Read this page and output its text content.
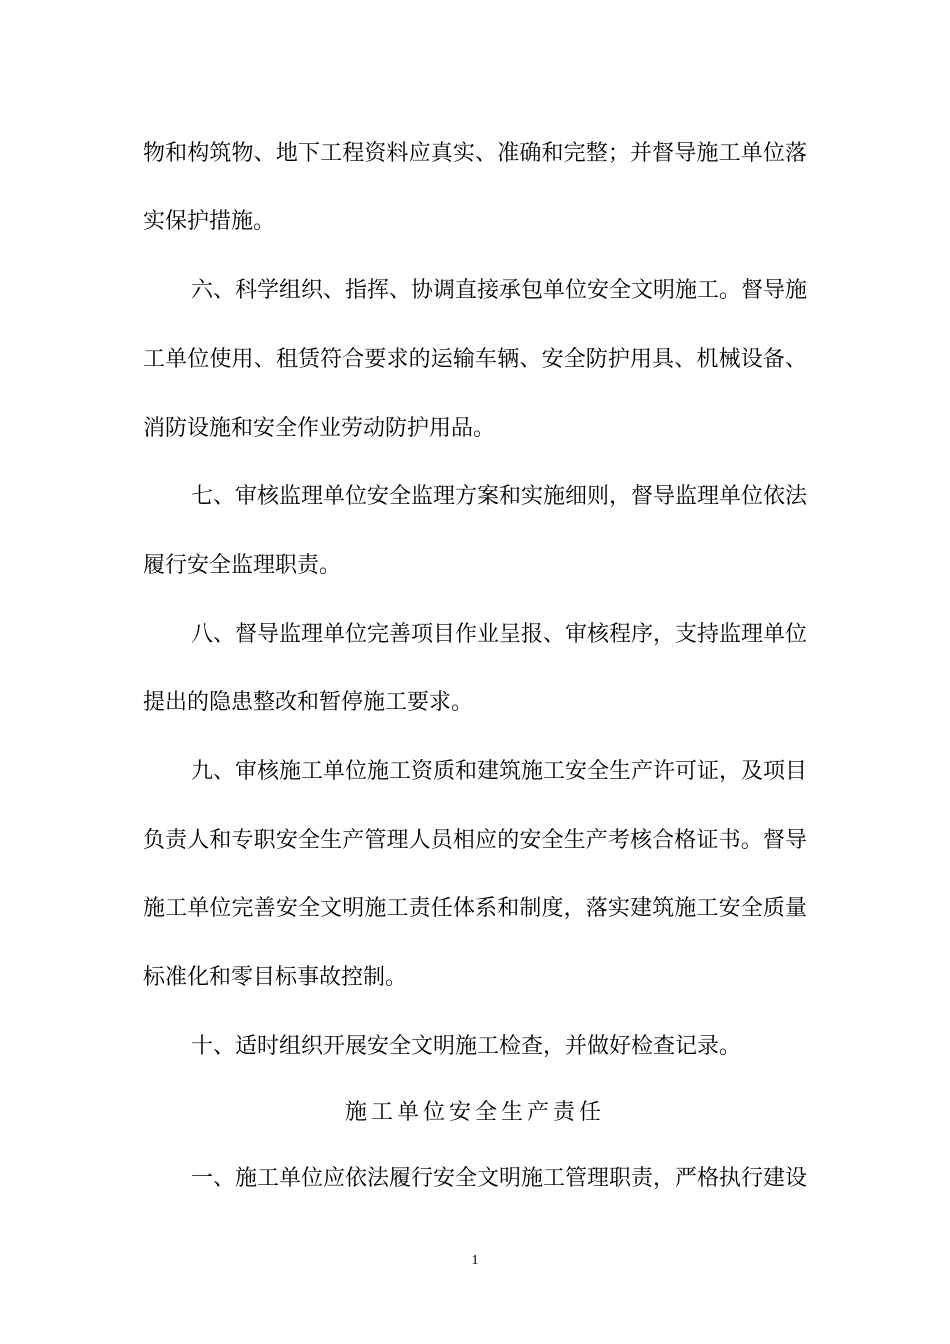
物和构筑物、地下工程资料应真实、准确和完整；并督导施工单位落
实保护措施。
六、科学组织、指挥、协调直接承包单位安全文明施工。督导施
工单位使用、租赁符合要求的运输车辆、安全防护用具、机械设备、
消防设施和安全作业劳动防护用品。
七、审核监理单位安全监理方案和实施细则，督导监理单位依法
履行安全监理职责。
八、督导监理单位完善项目作业呈报、审核程序，支持监理单位
提出的隐患整改和暂停施工要求。
九、审核施工单位施工资质和建筑施工安全生产许可证，及项目
负责人和专职安全生产管理人员相应的安全生产考核合格证书。督导
施工单位完善安全文明施工责任体系和制度，落实建筑施工安全质量
标准化和零目标事故控制。
十、适时组织开展安全文明施工检查，并做好检查记录。
施工单位安全生产责任
一、施工单位应依法履行安全文明施工管理职责，严格执行建设
1
